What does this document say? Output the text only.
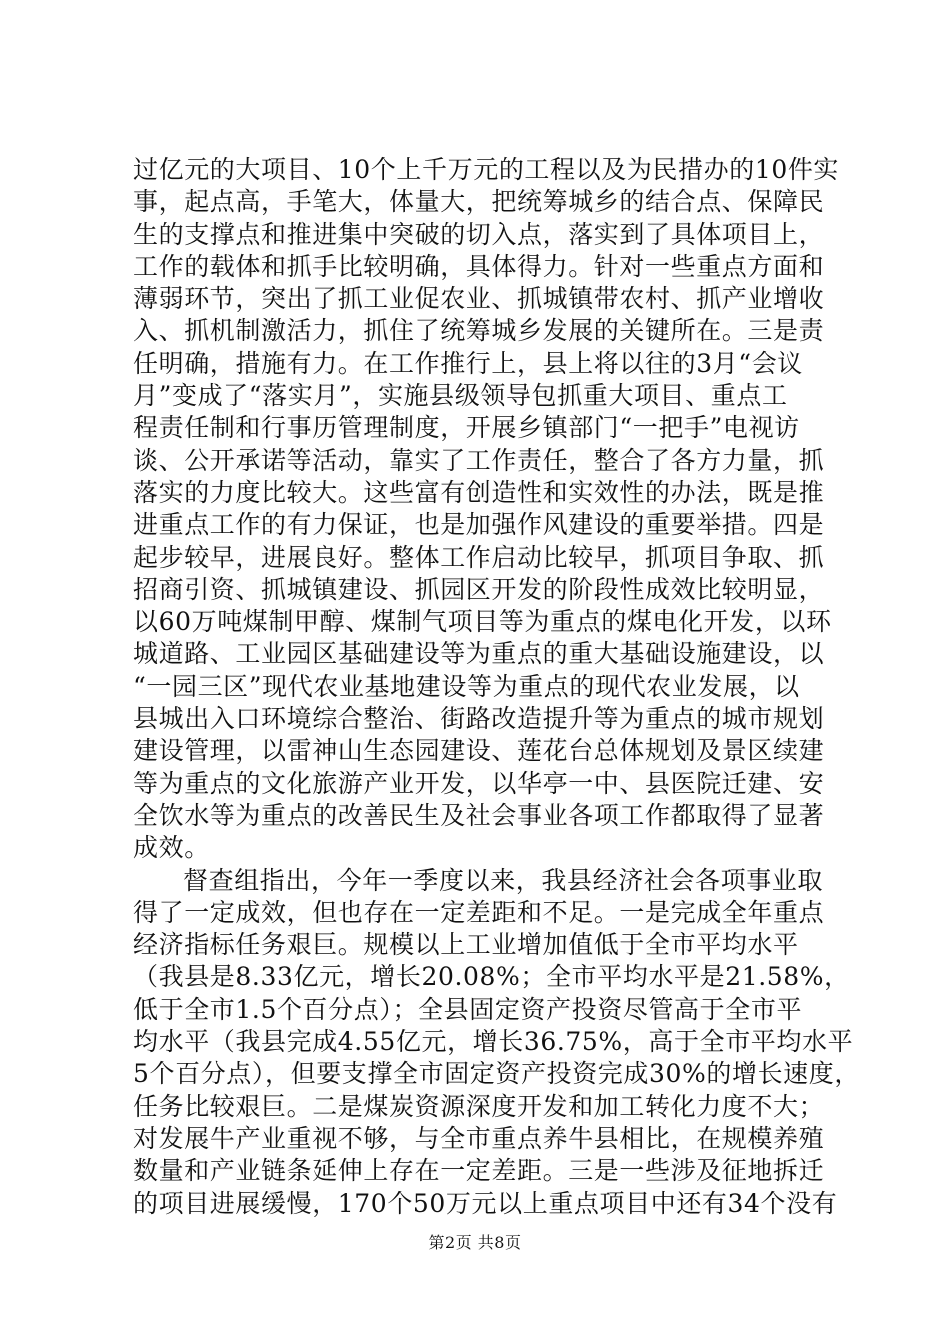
过亿元的大项目、10个上千万元的工程以及为民措办的10件实
事，起点高，手笔大，体量大，把统筹城乡的结合点、保障民
生的支撑点和推进集中突破的切入点，落实到了具体项目上，
工作的载体和抓手比较明确，具体得力。针对一些重点方面和
薄弱环节，突出了抓工业促农业、抓城镇带农村、抓产业增收
入、抓机制激活力，抓住了统筹城乡发展的关键所在。三是责
任明确，措施有力。在工作推行上，县上将以往的3月“会议
月”变成了“落实月”，实施县级领导包抓重大项目、重点工
程责任制和行事历管理制度，开展乡镇部门“一把手”电视访
谈、公开承诺等活动，靠实了工作责任，整合了各方力量，抓
落实的力度比较大。这些富有创造性和实效性的办法，既是推
进重点工作的有力保证，也是加强作风建设的重要举措。四是
起步较早，进展良好。整体工作启动比较早，抓项目争取、抓
招商引资、抓城镇建设、抓园区开发的阶段性成效比较明显，
以60万吨煤制甲醇、煤制气项目等为重点的煤电化开发，以环
城道路、工业园区基础建设等为重点的重大基础设施建设，以
“一园三区”现代农业基地建设等为重点的现代农业发展，以
县城出入口环境综合整治、街路改造提升等为重点的城市规划
建设管理，以雷神山生态园建设、莲花台总体规划及景区续建
等为重点的文化旅游产业开发，以华亭一中、县医院迁建、安
全饮水等为重点的改善民生及社会事业各项工作都取得了显著
成效。
督查组指出，今年一季度以来，我县经济社会各项事业取
得了一定成效，但也存在一定差距和不足。一是完成全年重点
经济指标任务艰巨。规模以上工业增加值低于全市平均水平
（我县是8.33亿元，增长20.08%；全市平均水平是21.58%，
低于全市1.5个百分点）；全县固定资产投资尽管高于全市平
均水平（我县完成4.55亿元，增长36.75%，高于全市平均水平
5个百分点），但要支撑全市固定资产投资完成30%的增长速度，
任务比较艰巨。二是煤炭资源深度开发和加工转化力度不大；
对发展牛产业重视不够，与全市重点养牛县相比，在规模养殖
数量和产业链条延伸上存在一定差距。三是一些涉及征地拆迁
的项目进展缓慢，170个50万元以上重点项目中还有34个没有
第2页 共8页
